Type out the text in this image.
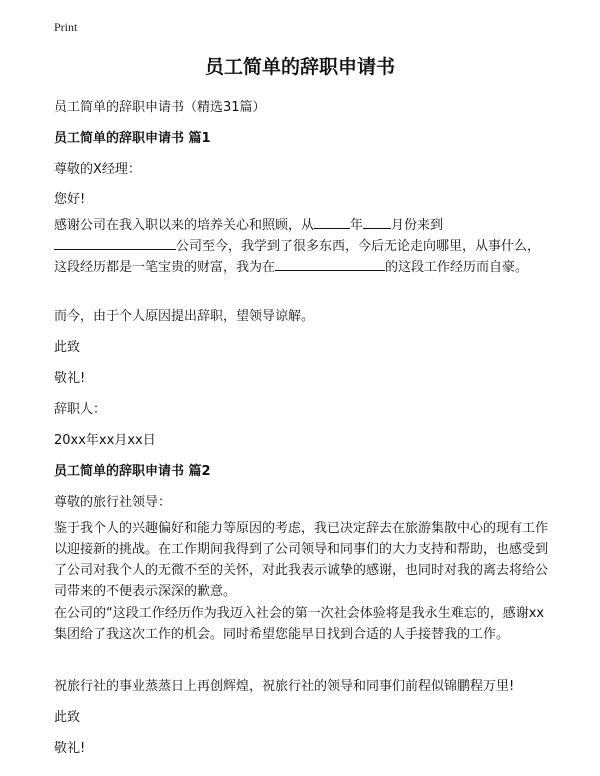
Print
员工简单的辞职申请书
员工简单的辞职申请书（精选31篇）
员工简单的辞职申请书 篇1
尊敬的X经理：
您好!

感谢公司在我入职以来的培养关心和照顾，从	年 月份来到公司至今，我学到了很多东西，今后无论走向哪里，从事什么，这段经历都是一笔宝贵的财富，我为在	的这段工作经历而自豪。

而今，由于个人原因提出辞职，望领导谅解。
此致
敬礼!
辞职人：
20xx年xx月xx日
员工简单的辞职申请书 篇2
尊敬的旅行社领导：

鉴于我个人的兴趣偏好和能力等原因的考虑，我已决定辞去在旅游集散中心的现有工作以迎接新的挑战。在工作期间我得到了公司领导和同事们的大力支持和帮助，也感受到了公司对我个人的无微不至的关怀，对此我表示诚挚的感谢，也同时对我的离去将给公司带来的不便表示深深的歉意。

在公司的“这段工作经历作为我迈入社会的第一次社会体验将是我永生难忘的，感谢xx集团给了我这次工作的机会。同时希望您能早日找到合适的人手接替我的工作。

祝旅行社的事业蒸蒸日上再创辉煌，祝旅行社的领导和同事们前程似锦鹏程万里!
此致
敬礼!
